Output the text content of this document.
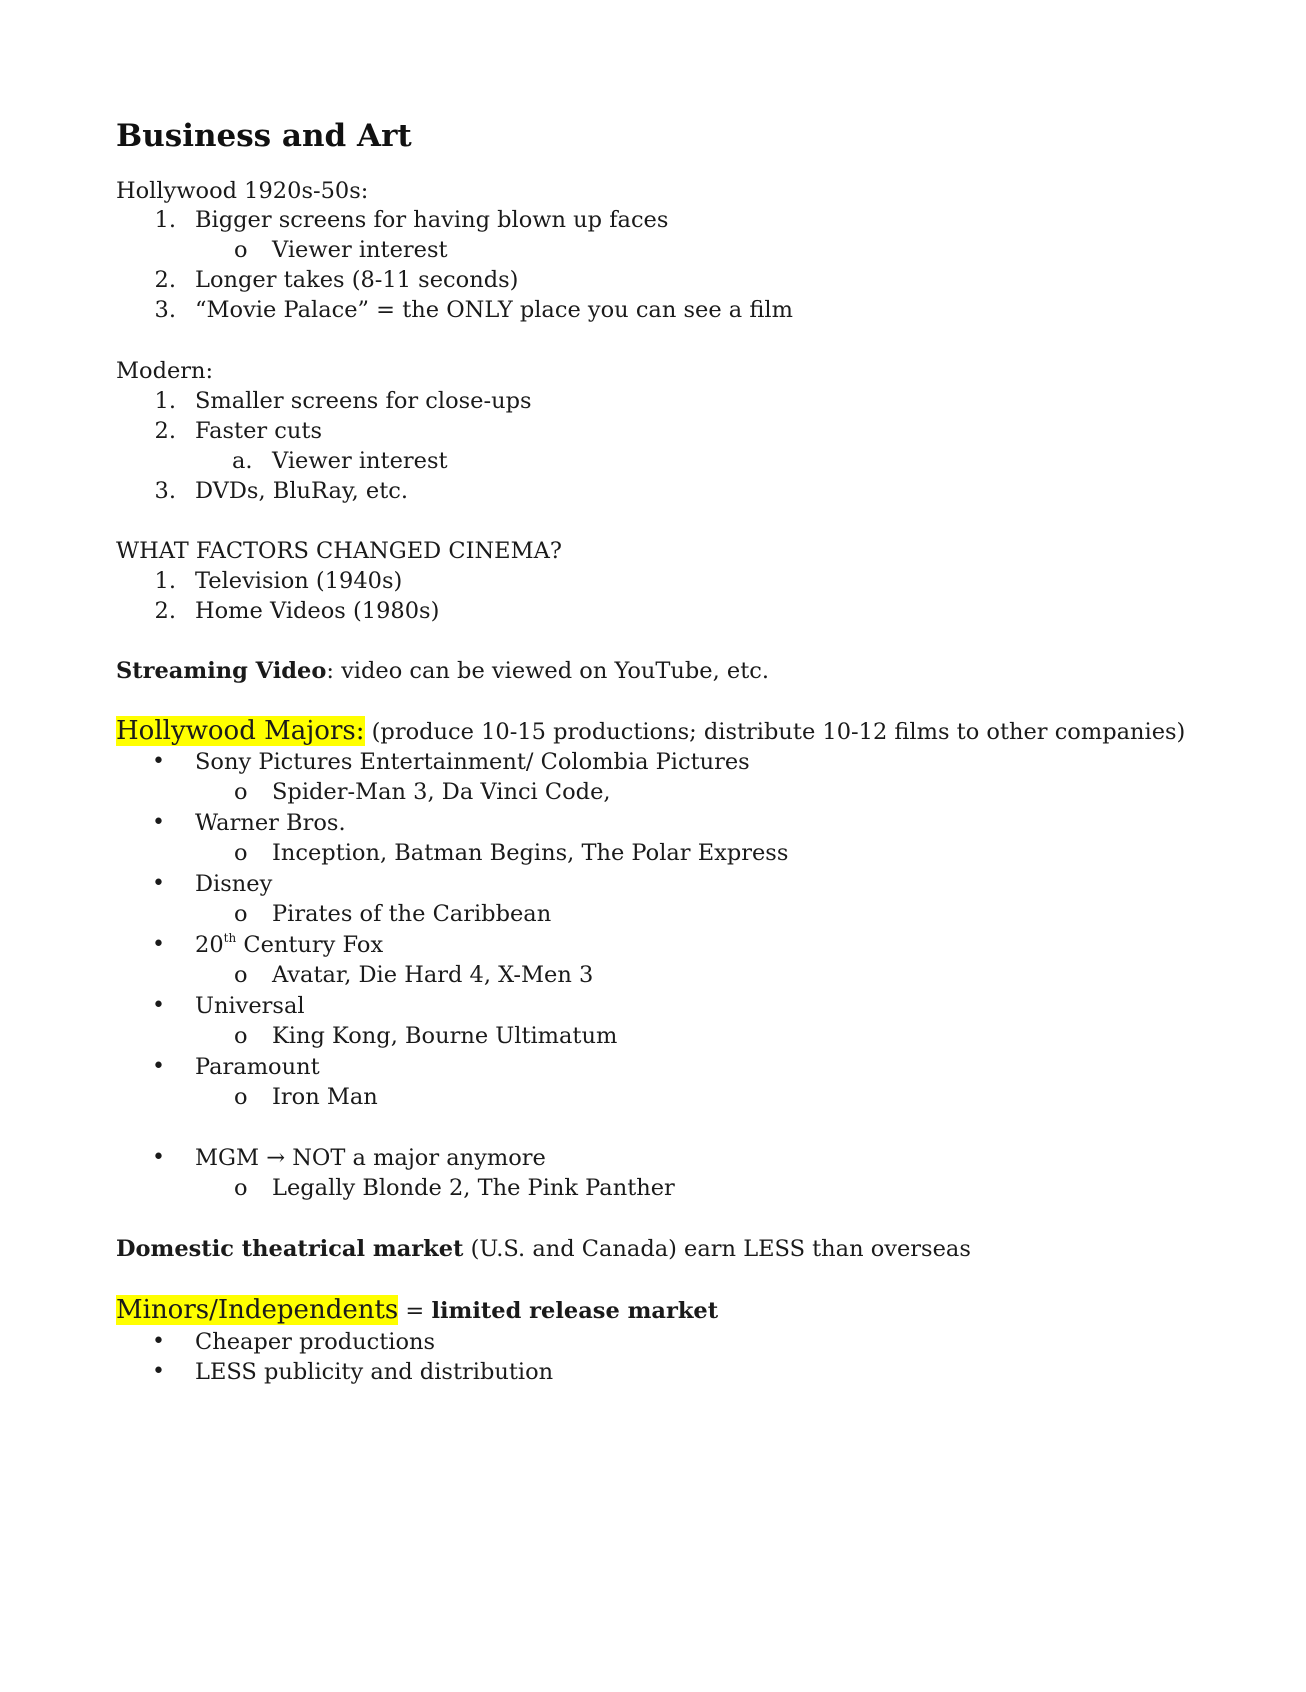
Business and Art
Hollywood 1920s-50s:
1. Bigger screens for having blown up faces
o Viewer interest
2. Longer takes (8-11 seconds)
3. “Movie Palace” = the ONLY place you can see a film
Modern:
1. Smaller screens for close-ups
2. Faster cuts
a. Viewer interest
3. DVDs, BluRay, etc.
WHAT FACTORS CHANGED CINEMA?
1. Television (1940s)
2. Home Videos (1980s)
Streaming Video: video can be viewed on YouTube, etc.
Hollywood Majors: (produce 10-15 productions; distribute 10-12 films to other companies)
• Sony Pictures Entertainment/ Colombia Pictures
o Spider-Man 3, Da Vinci Code,
• Warner Bros.
o Inception, Batman Begins, The Polar Express
• Disney
o Pirates of the Caribbean
• 20th Century Fox
o Avatar, Die Hard 4, X-Men 3
• Universal
o King Kong, Bourne Ultimatum
• Paramount
o Iron Man
• MGM → NOT a major anymore
o Legally Blonde 2, The Pink Panther
Domestic theatrical market (U.S. and Canada) earn LESS than overseas
Minors/Independents = limited release market
• Cheaper productions
• LESS publicity and distribution
